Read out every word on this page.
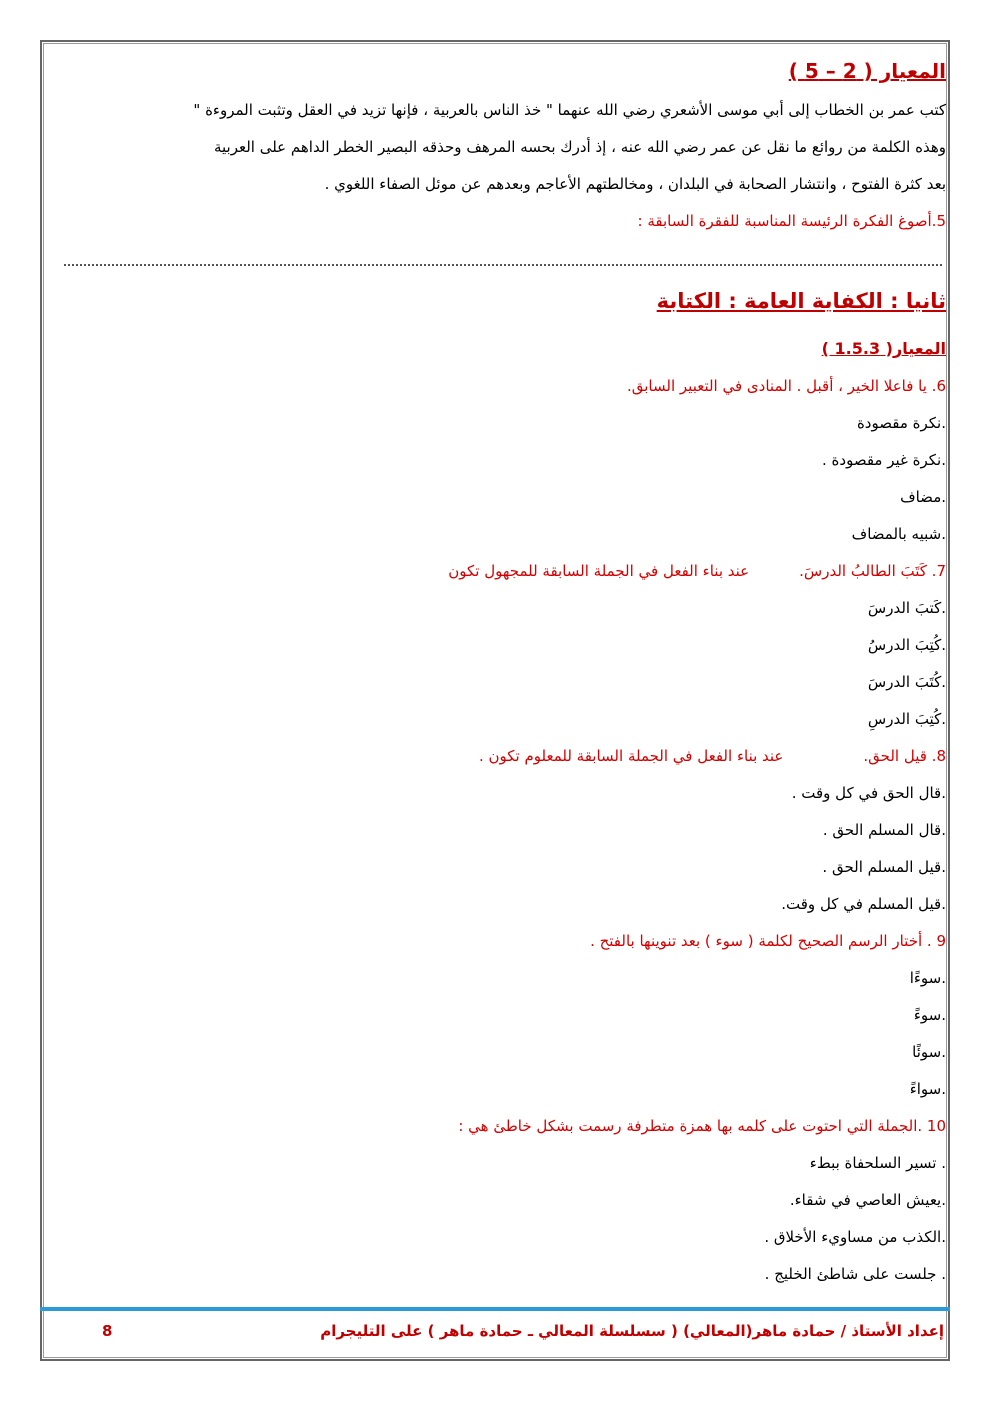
المعيار ( 2 – 5 )
كتب عمر بن الخطاب إلى أبي موسى الأشعري رضي الله عنهما " خذ الناس بالعربية ، فإنها تزيد في العقل وتثبت المروءة "
وهذه الكلمة من روائع ما نقل عن عمر رضي الله عنه ، إذ أدرك بحسه المرهف وحذقه البصير الخطر الداهم على العربية
بعد كثرة الفتوح ، وانتشار الصحابة في البلدان ، ومخالطتهم الأعاجم وبعدهم عن موئل الصفاء اللغوي .
5.أصوغ الفكرة الرئيسة المناسبة للفقرة السابقة :
ثانيا : الكفاية العامة : الكتابة
المعيار( 1.5.3 )
6. يا فاعلا الخير ، أقبل . المنادى في التعبير السابق.
.نكرة مقصودة
.نكرة غير مقصودة .
.مضاف
.شبيه بالمضاف
7. كَتَبَ الطالبُ الدرسَ.عند بناء الفعل في الجملة السابقة للمجهول تكون
.كَتبَ الدرسَ
.كُتِبَ الدرسُ
.كُتَبَ الدرسَ
.كُتِبَ الدرسِ
8. قيل الحق.عند بناء الفعل في الجملة السابقة للمعلوم تكون .
.قال الحق في كل وقت .
.قال المسلم الحق .
.قيل المسلم الحق .
.قيل المسلم في كل وقت.
9 . أختار الرسم الصحيح لكلمة ( سوء ) بعد تنوينها بالفتح .
.سوءًا
.سوءً
.سوئًا
.سواءً
10 .الجملة التي احتوت على كلمه بها همزة متطرفة رسمت بشكل خاطئ هي :
. تسير السلحفاة ببطء
.يعيش العاصي في شقاء.
.الكذب من مساويء الأخلاق .
. جلست على شاطئ الخليج .
إعداد الأستاذ / حمادة ماهر(المعالي) ( سسلسلة المعالي ـ حمادة ماهر ) على التليجرام
8
